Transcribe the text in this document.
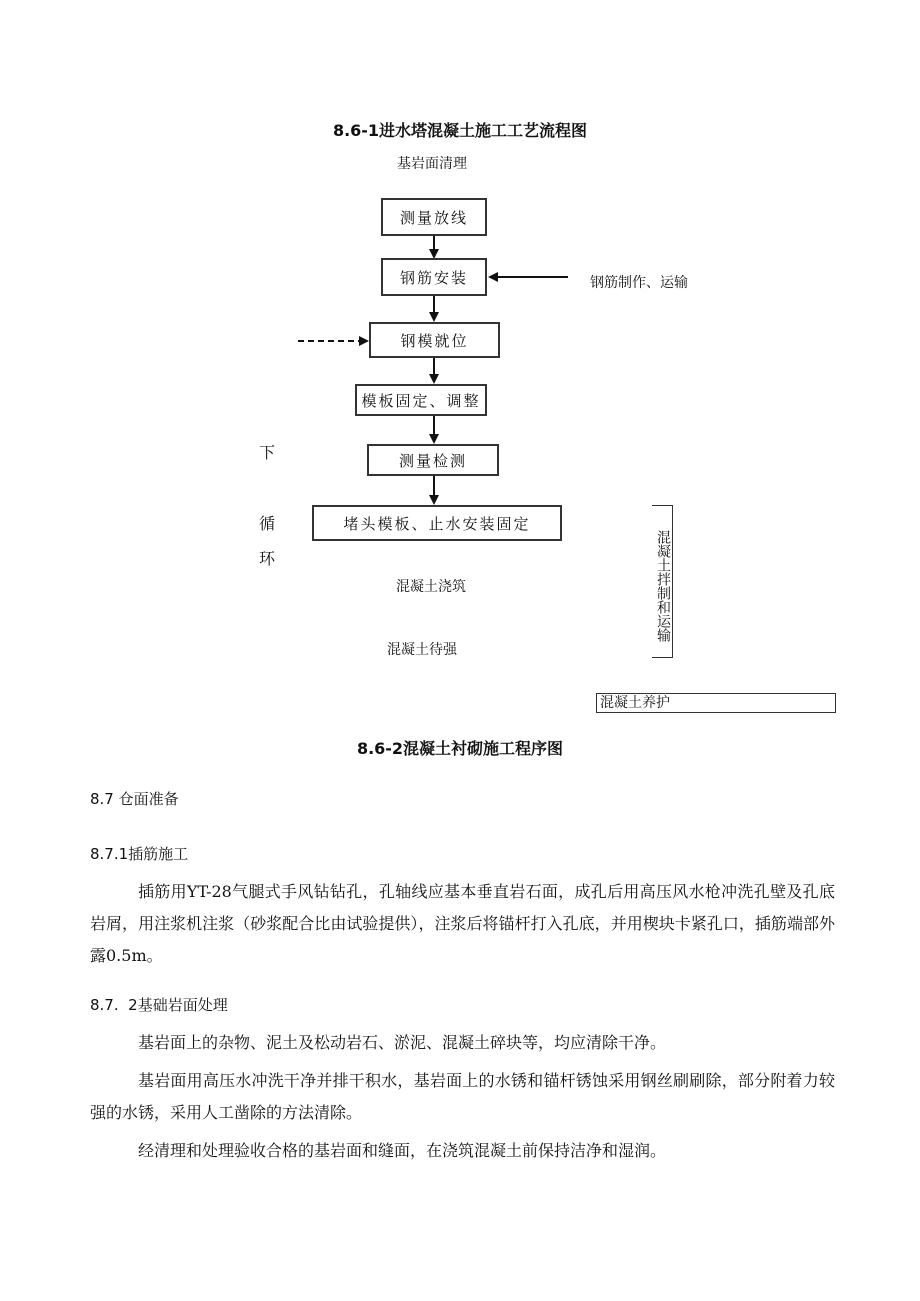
8.6-1进水塔混凝土施工工艺流程图
基岩面清理
测量放线
钢筋安装
钢模就位
模板固定、调整
测量检测
堵头模板、止水安装固定
钢筋制作、运输
下
循
环
混凝土浇筑
混凝土待强
混凝土拌制和运输
混凝土养护
8.6-2混凝土衬砌施工程序图
8.7 仓面准备
8.7.1插筋施工
插筋用YT-28气腿式手风钻钻孔，孔轴线应基本垂直岩石面，成孔后用高压风水枪冲洗孔壁及孔底岩屑，用注浆机注浆（砂浆配合比由试验提供），注浆后将锚杆打入孔底，并用楔块卡紧孔口，插筋端部外露0.5m。
8.7.  2基础岩面处理
基岩面上的杂物、泥土及松动岩石、淤泥、混凝土碎块等，均应清除干净。
基岩面用高压水冲洗干净并排干积水，基岩面上的水锈和锚杆锈蚀采用钢丝刷刷除，部分附着力较强的水锈，采用人工凿除的方法清除。
经清理和处理验收合格的基岩面和缝面，在浇筑混凝土前保持洁净和湿润。
